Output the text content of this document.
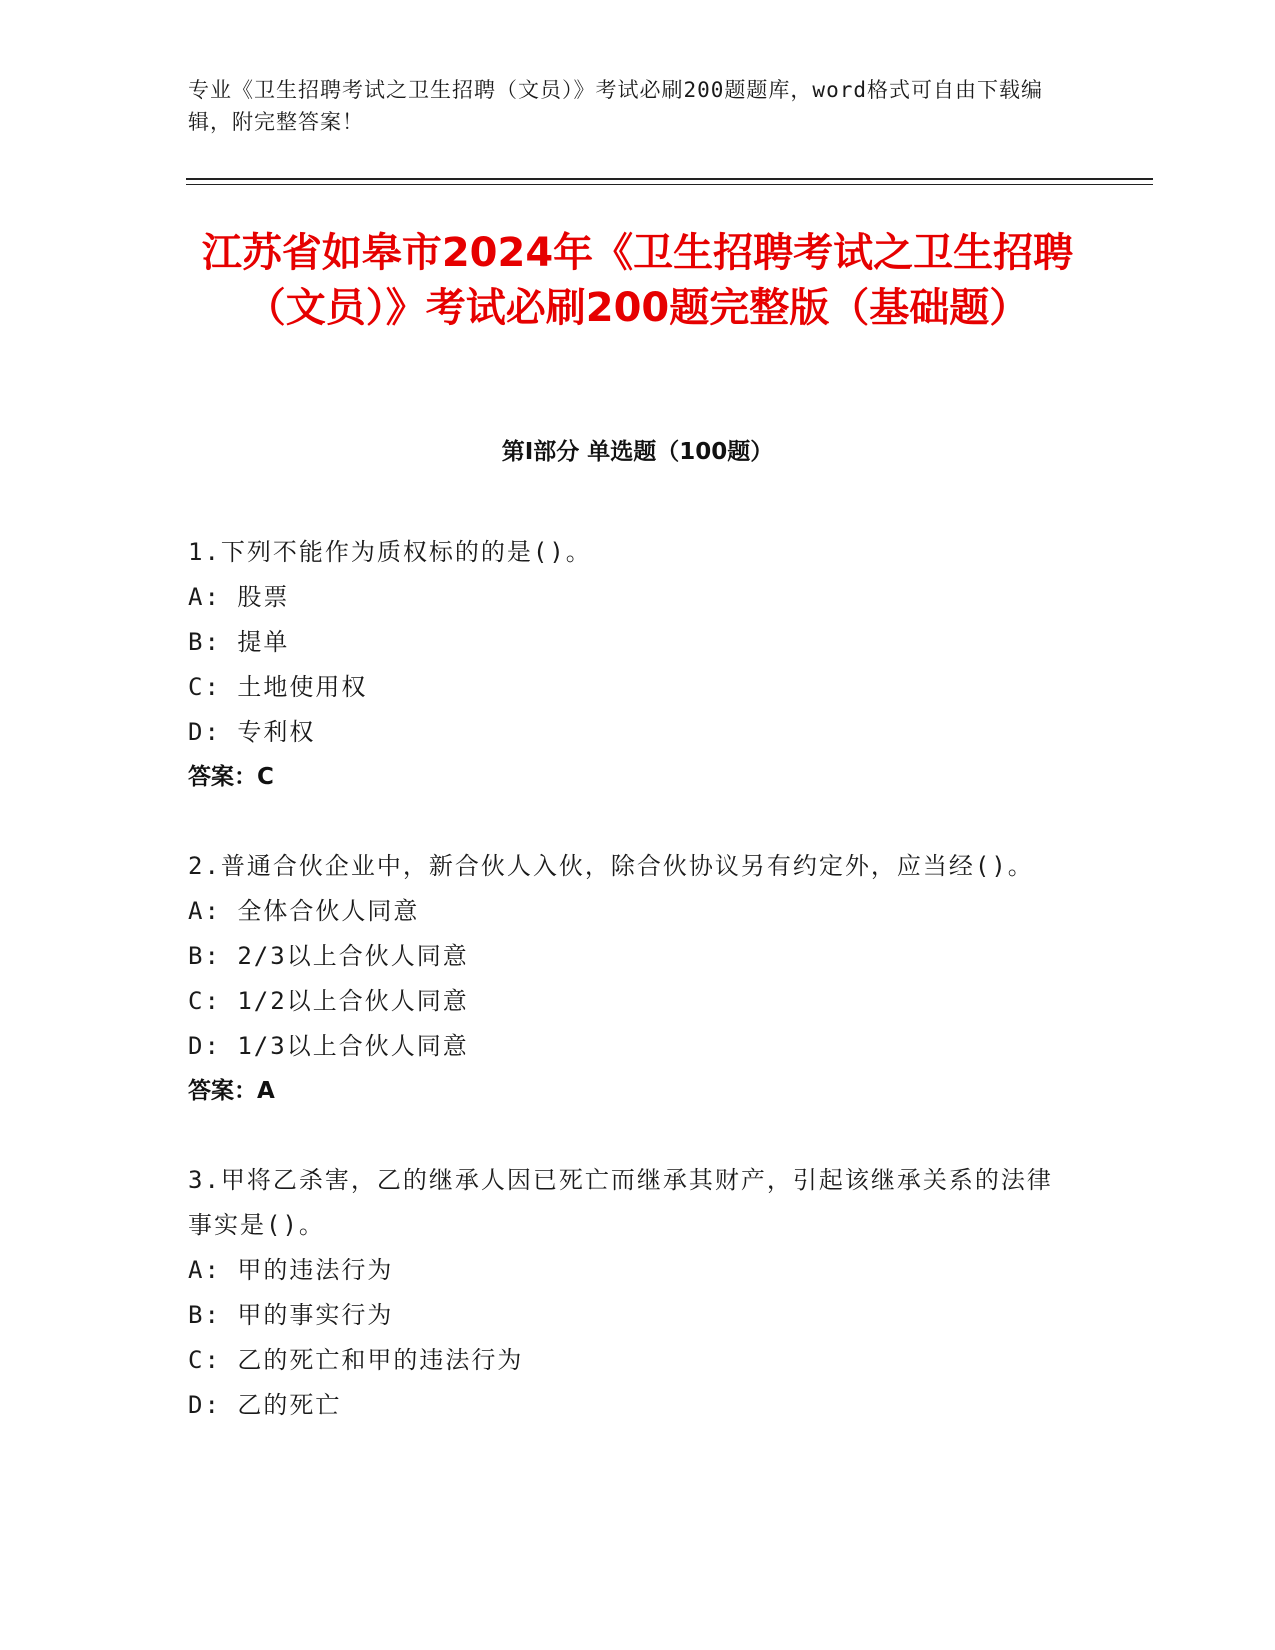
专业《卫生招聘考试之卫生招聘（文员）》考试必刷200题题库，word格式可自由下载编辑，附完整答案！
江苏省如皋市2024年《卫生招聘考试之卫生招聘（文员）》考试必刷200题完整版（基础题）
第I部分 单选题（100题）
1.下列不能作为质权标的的是()。
A: 股票
B: 提单
C: 土地使用权
D: 专利权
答案：C
2.普通合伙企业中，新合伙人入伙，除合伙协议另有约定外，应当经()。
A: 全体合伙人同意
B: 2/3以上合伙人同意
C: 1/2以上合伙人同意
D: 1/3以上合伙人同意
答案：A
3.甲将乙杀害，乙的继承人因已死亡而继承其财产，引起该继承关系的法律事实是()。
A: 甲的违法行为
B: 甲的事实行为
C: 乙的死亡和甲的违法行为
D: 乙的死亡
